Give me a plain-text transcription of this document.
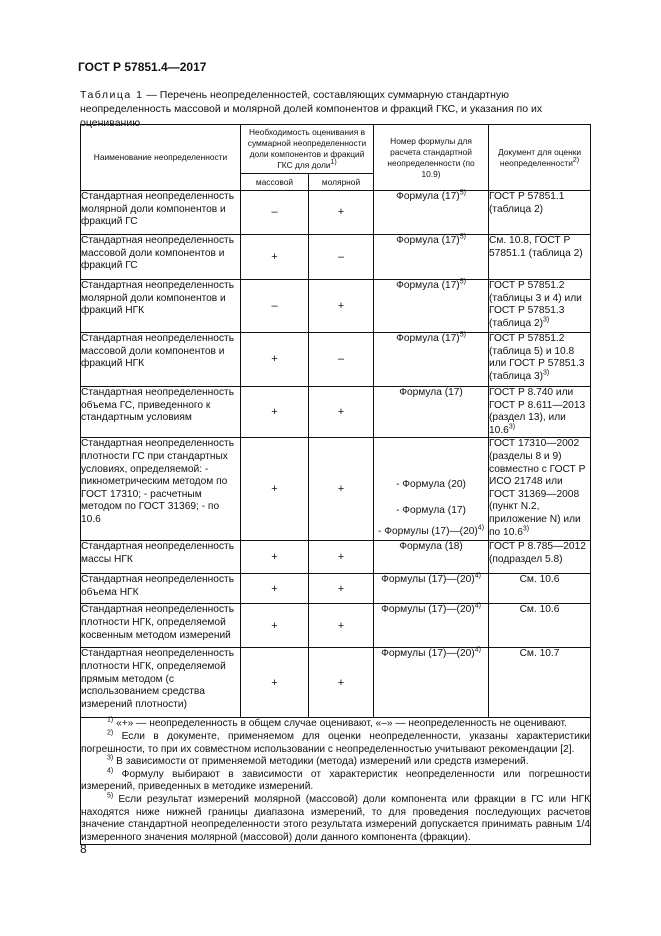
ГОСТ Р 57851.4—2017
Таблица 1 — Перечень неопределенностей, составляющих суммарную стандартную неопределенность массовой и молярной долей компонентов и фракций ГКС, и указания по их оцениванию
Наименование неопределенности	Необходимость оценивания в суммарной неопределенности доли компонентов и фракций ГКС для доли$^{1)}$		Номер формулы для расчета стандартной неопределенности (по 10.9)	Документ для оценки неопределенности$^{2)}$
	массовой	молярной		
Стандартная неопределенность молярной доли компонентов и фракций ГС	–	+	Формула $(17)^{5)}$	ГОСТ Р 57851.1 (таблица 2)
Стандартная неопределенность массовой доли компонентов и фракций ГС	+	–	Формула $(17)^{5)}$	См. 10.8, ГОСТ Р 57851.1 (таблица 2)
Стандартная неопределенность молярной доли компонентов и фракций НГК	–	+	Формула $(17)^{5)}$	ГОСТ Р 57851.2 (таблицы 3 и 4) или ГОСТ Р 57851.3 (таблица 2)$^{3)}$
Стандартная неопределенность массовой доли компонентов и фракций НГК	+	–	Формула $(17)^{5)}$	ГОСТ Р 57851.2 (таблица 5) и 10.8 или ГОСТ Р 57851.3 (таблица 3)$^{3)}$
Стандартная неопределенность объема ГС, приведенного к стандартным условиям	+	+	Формула (17)	ГОСТ Р 8.740 или ГОСТ Р 8.611—2013 (раздел 13), или 10.6$^{3)}$
Стандартная неопределенность плотности ГС при стандартных условиях, определяемой: - пикнометрическим методом по ГОСТ 17310; - расчетным методом по ГОСТ 31369; - по 10.6	+	+	- Формула (20)
- Формула (17)
- Формулы $(17)—(20)^{4)}$	ГОСТ 17310—2002 (разделы 8 и 9) совместно с ГОСТ Р ИСО 21748 или ГОСТ 31369—2008 (пункт N.2, приложение N) или по 10.6$^{3)}$
Стандартная неопределенность массы НГК	+	+	Формула (18)	ГОСТ Р 8.785—2012 (подраздел 5.8)
Стандартная неопределенность объема НГК	+	+	Формулы $(17)—(20)^{4)}$	См. 10.6
Стандартная неопределенность плотности НГК, определяемой косвенным методом измерений	+	+	Формулы $(17)—(20)^{4)}$	См. 10.6
Стандартная неопределенность плотности НГК, определяемой прямым методом (с использованием средства измерений плотности)	+	+	Формулы $(17)—(20)^{4)}$	См. 10.7

$^{1)}$ «+» — неопределенность в общем случае оценивают, «–» — неопределенность не оценивают.

$^{2)}$ Если в документе, применяемом для оценки неопределенности, указаны характеристики погрешности, то при их совместном использовании с неопределенностью учитывают рекомендации [2].

$^{3)}$ В зависимости от применяемой методики (метода) измерений или средств измерений.

$^{4)}$ Формулу выбирают в зависимости от характеристик неопределенности или погрешности измерений, приведенных в методике измерений.

$^{5)}$ Если результат измерений молярной (массовой) доли компонента или фракции в ГС или НГК находятся ниже нижней границы диапазона измерений, то для проведения последующих расчетов значение стандартной неопределенности этого результата измерений допускается принимать равным 1/4 измеренного значения молярной (массовой) доли данного компонента (фракции).				

8
